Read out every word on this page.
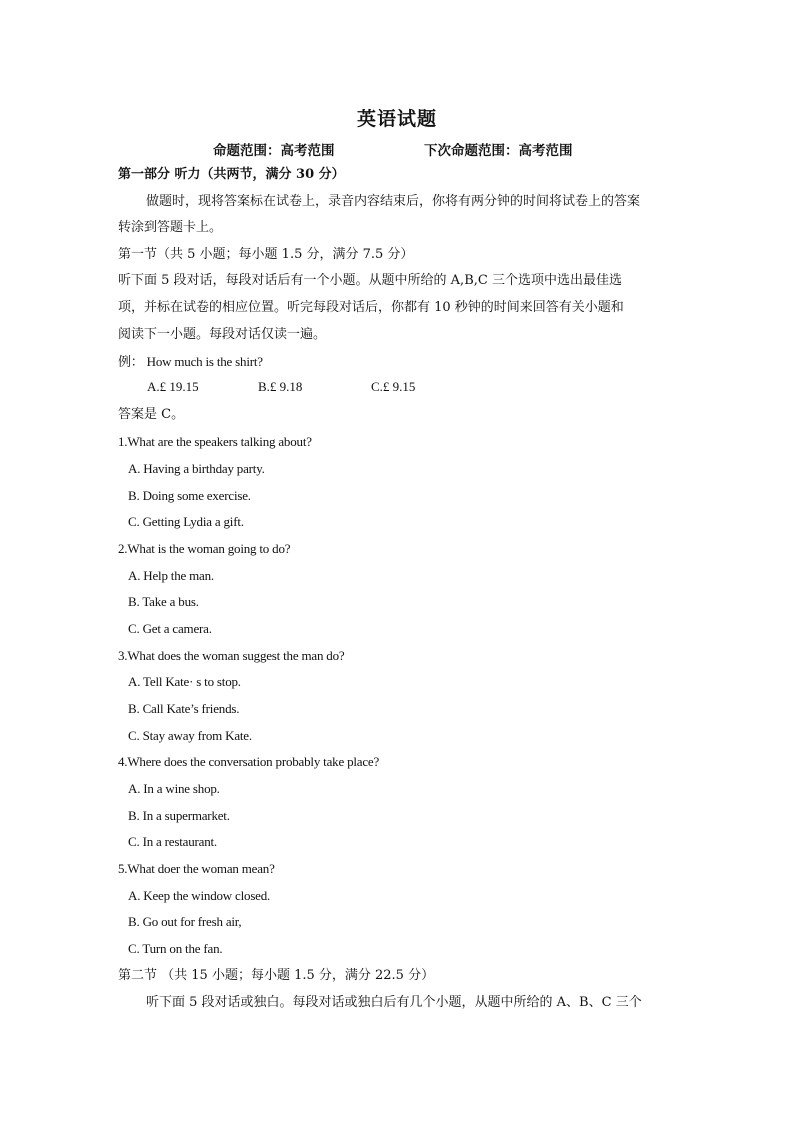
英语试题
命题范围：高考范围	下次命题范围：高考范围
第一部分 听力（共两节，满分 30 分）
做题时，现将答案标在试卷上，录音内容结束后，你将有两分钟的时间将试卷上的答案
转涂到答题卡上。
第一节（共 5 小题；每小题 1.5 分，满分 7.5 分）
听下面 5 段对话，每段对话后有一个小题。从题中所给的 A,B,C 三个选项中选出最佳选
项，并标在试卷的相应位置。听完每段对话后，你都有 10 秒钟的时间来回答有关小题和
阅读下一小题。每段对话仅读一遍。
例： How much is the shirt?
A.£ 19.15	B.£ 9.18	C.£ 9.15
答案是 C。
1.What are the speakers talking about?
A. Having a birthday party.
B. Doing some exercise.
C. Getting Lydia a gift.
2.What is the woman going to do?
A. Help the man.
B. Take a bus.
C. Get a camera.
3.What does the woman suggest the man do?
A. Tell Kate· s to stop.
B. Call Kate’s friends.
C. Stay away from Kate.
4.Where does the conversation probably take place?
A. In a wine shop.
B. In a supermarket.
C. In a restaurant.
5.What doer the woman mean?
A. Keep the window closed.
B. Go out for fresh air,
C. Turn on the fan.
第二节 （共 15 小题；每小题 1.5 分，满分 22.5 分）
听下面 5 段对话或独白。每段对话或独白后有几个小题，从题中所给的 A、B、C 三个
